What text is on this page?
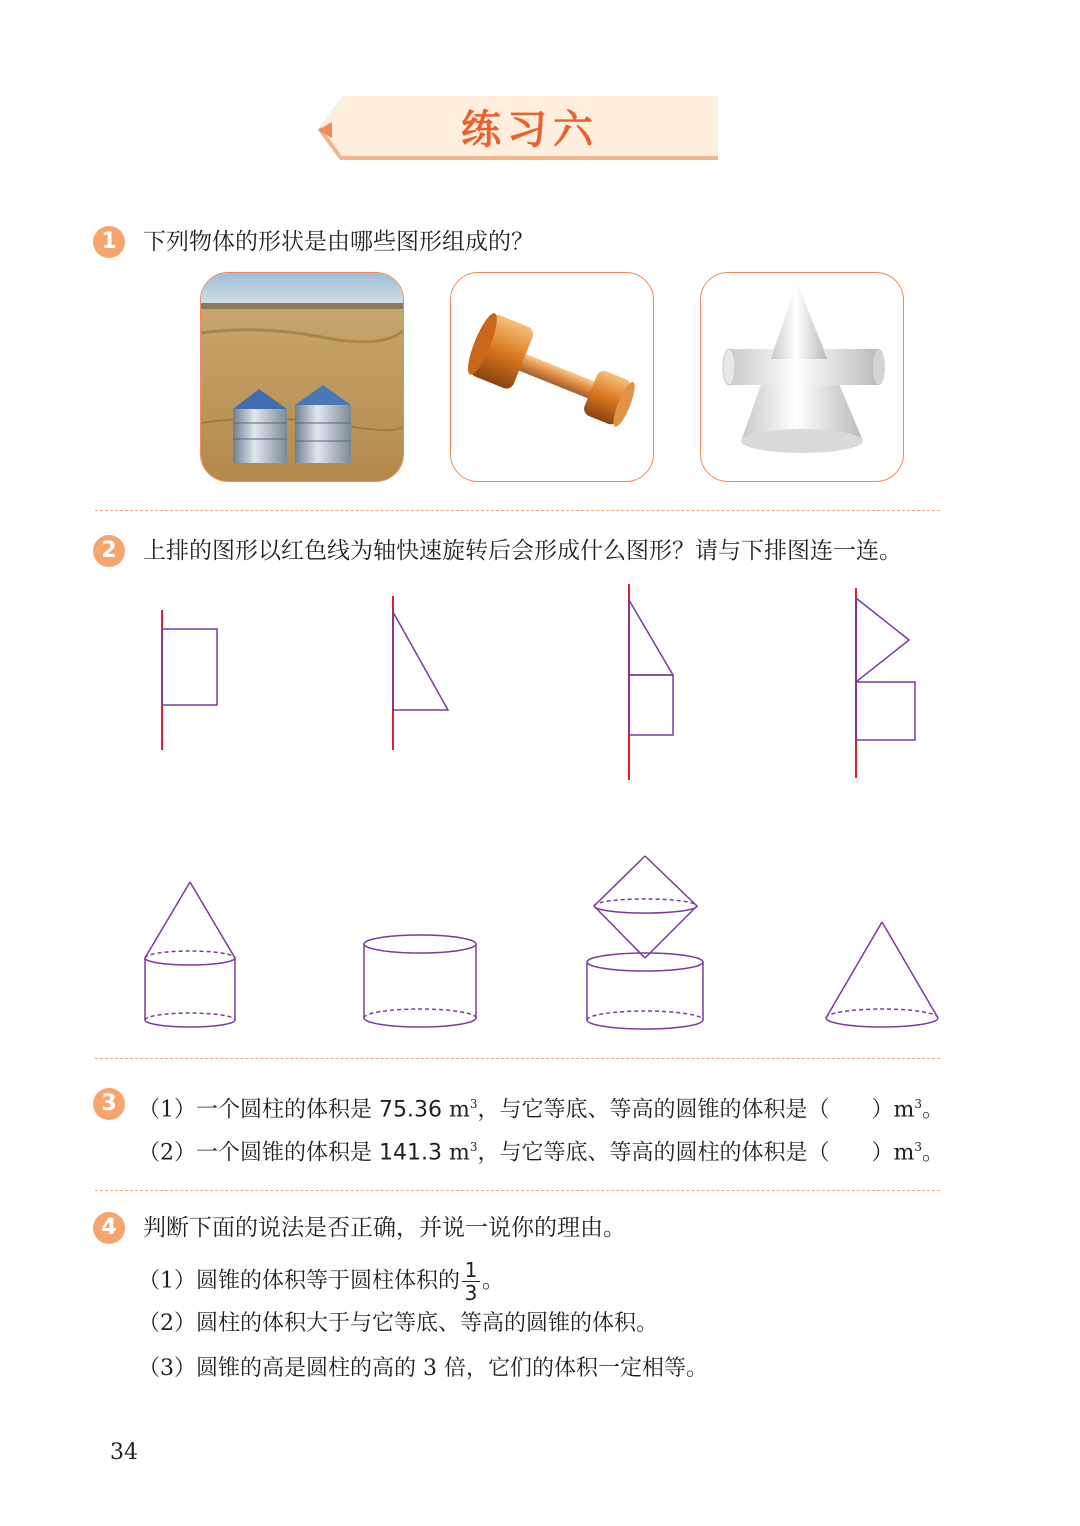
练习六
1	下列物体的形状是由哪些图形组成的？
2	上排的图形以红色线为轴快速旋转后会形成什么图形？请与下排图连一连。
3 （1）一个圆柱的体积是 75.36 $m^3$，与它等底、等高的圆锥的体积是（ ）$m^3$。
（2）一个圆锥的体积是 141.3 $m^3$，与它等底、等高的圆柱的体积是（ ）$m^3$。
4	判断下面的说法是否正确，并说一说你的理由。
（1）圆锥的体积等于圆柱体积的 $\frac{1}{3}$ 。
（2）圆柱的体积大于与它等底、等高的圆锥的体积。
（3）圆锥的高是圆柱的高的 3 倍，它们的体积一定相等。
34
